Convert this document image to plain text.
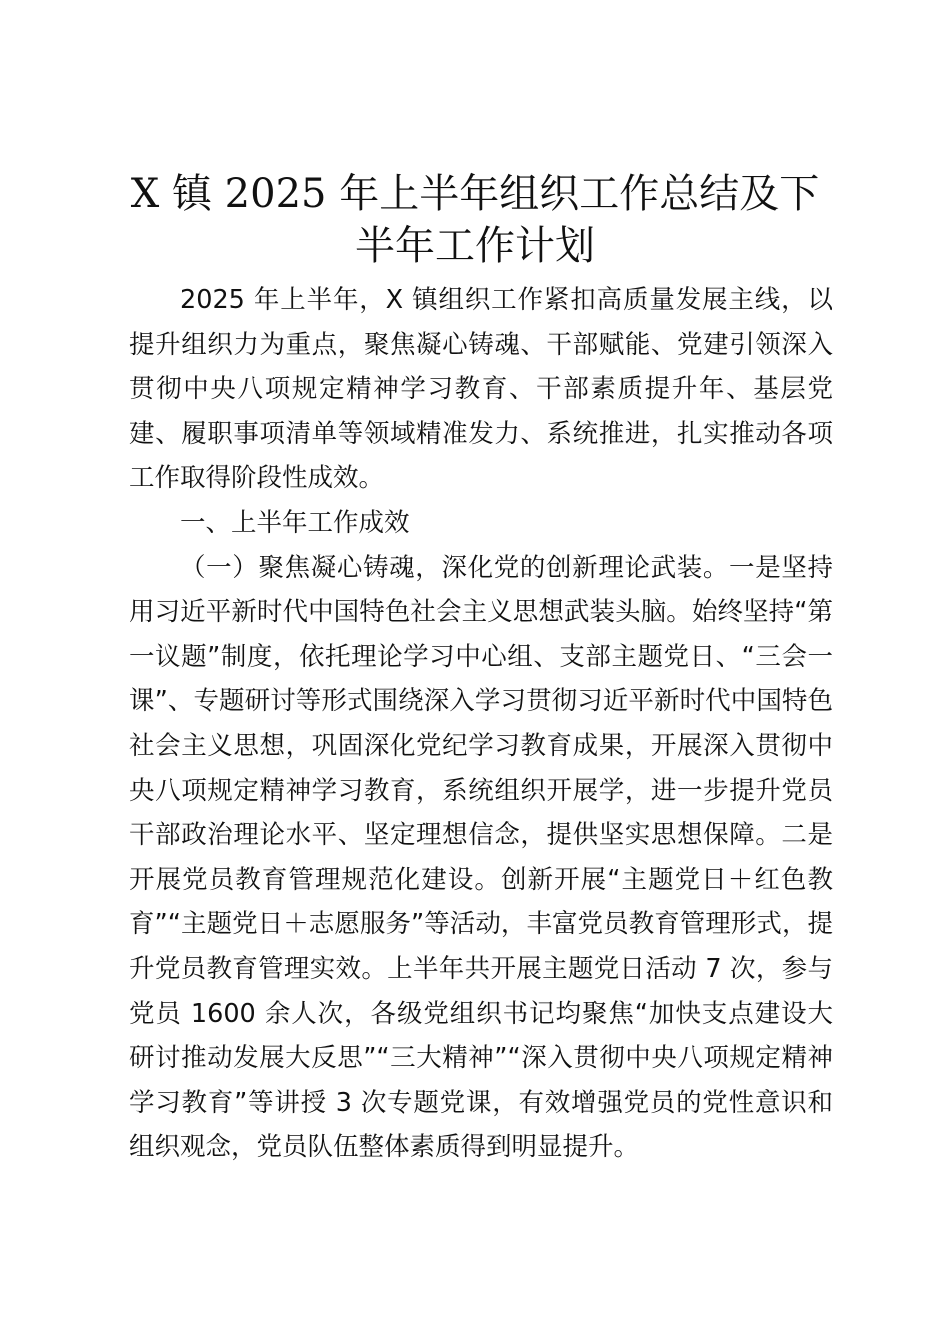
X 镇 2025 年上半年组织工作总结及下
半年工作计划

2025 年上半年，X 镇组织工作紧扣高质量发展主线，以提升组织力为重点，聚焦凝心铸魂、干部赋能、党建引领深入贯彻中央八项规定精神学习教育、干部素质提升年、基层党建、履职事项清单等领域精准发力、系统推进，扎实推动各项工作取得阶段性成效。

一、上半年工作成效

（一）聚焦凝心铸魂，深化党的创新理论武装。一是坚持用习近平新时代中国特色社会主义思想武装头脑。始终坚持“第一议题”制度，依托理论学习中心组、支部主题党日、“三会一课”、专题研讨等形式围绕深入学习贯彻习近平新时代中国特色社会主义思想，巩固深化党纪学习教育成果，开展深入贯彻中央八项规定精神学习教育，系统组织开展学，进一步提升党员干部政治理论水平、坚定理想信念，提供坚实思想保障。二是开展党员教育管理规范化建设。创新开展“主题党日＋红色教育”“主题党日＋志愿服务”等活动，丰富党员教育管理形式，提升党员教育管理实效。上半年共开展主题党日活动 7 次，参与党员 1600 余人次，各级党组织书记均聚焦“加快支点建设大研讨推动发展大反思”“三大精神”“深入贯彻中央八项规定精神学习教育”等讲授 3 次专题党课，有效增强党员的党性意识和组织观念，党员队伍整体素质得到明显提升。
